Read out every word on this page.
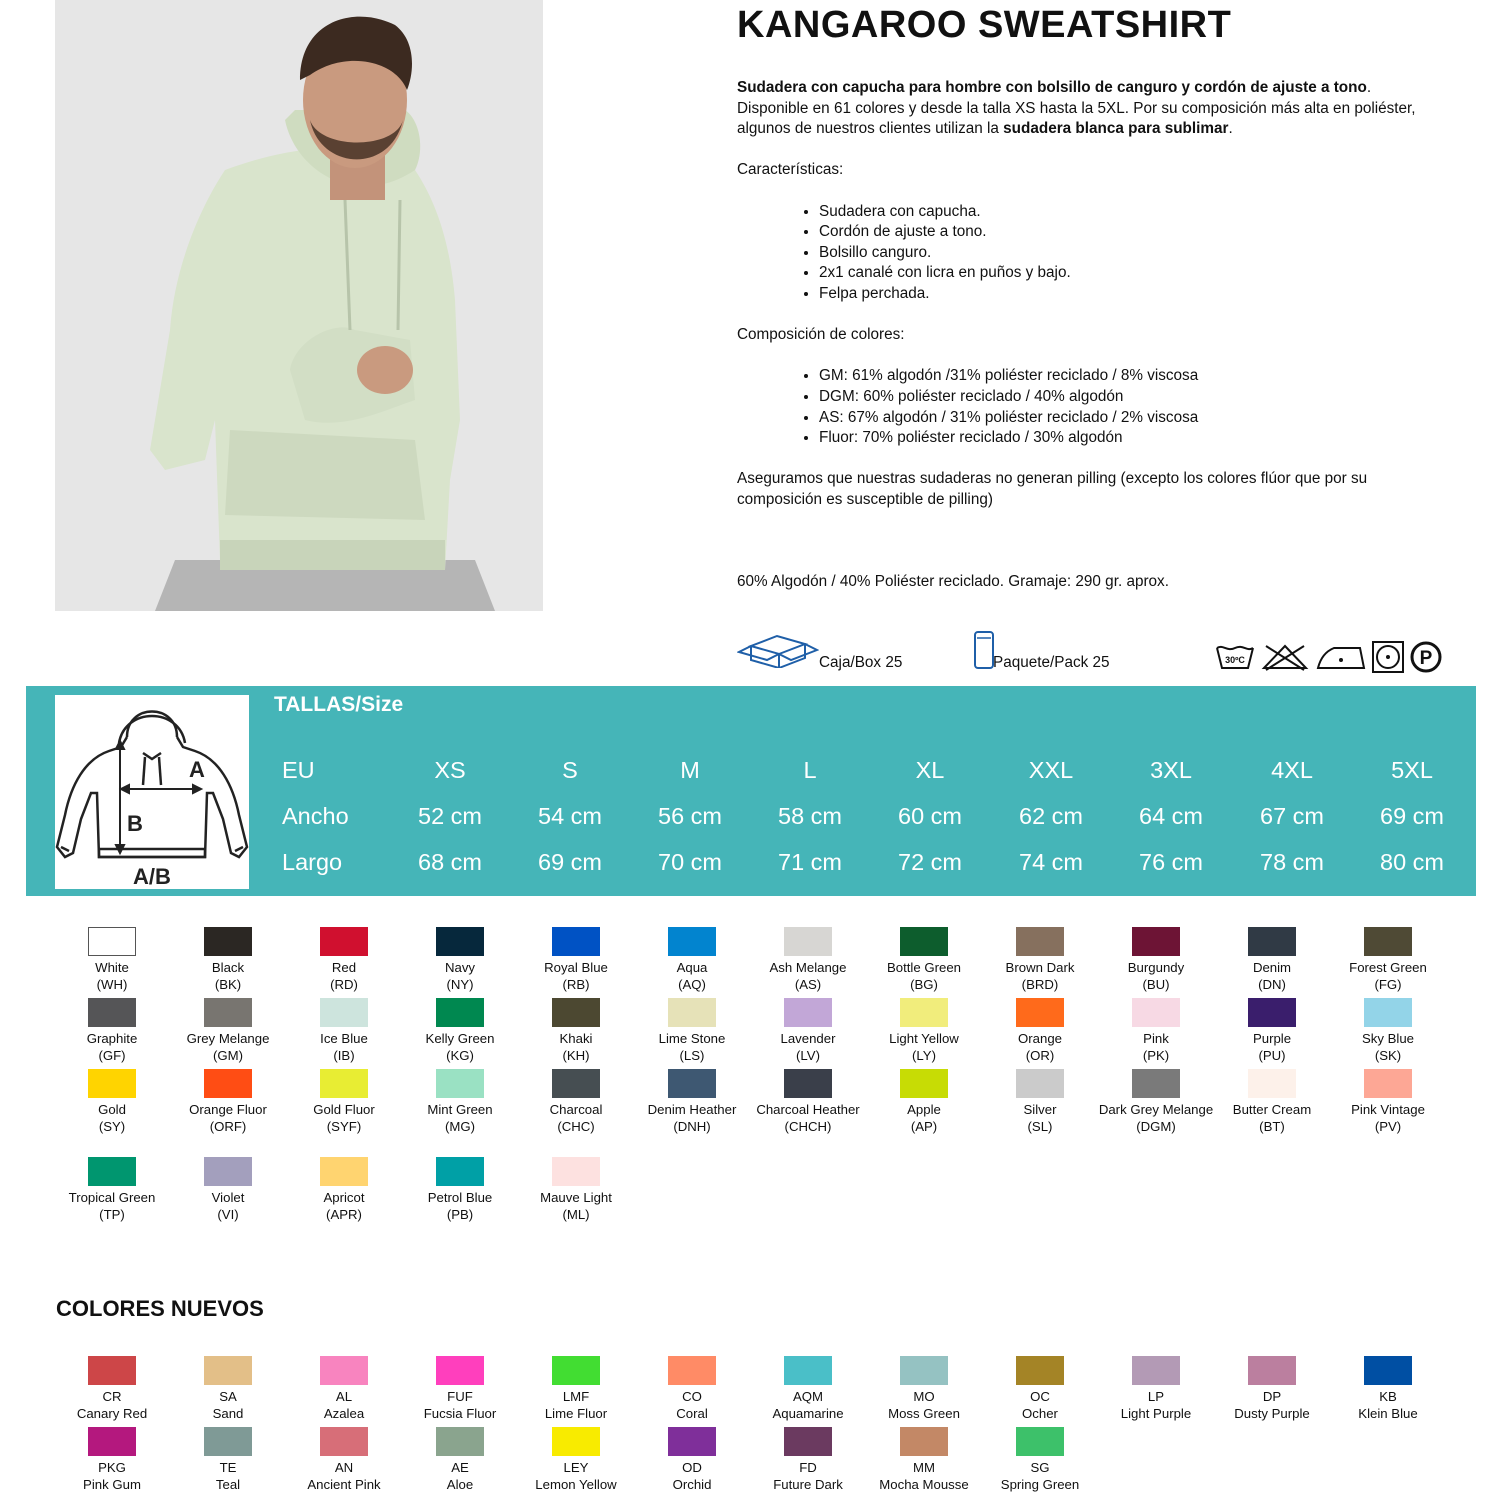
KANGAROO SWEATSHIRT

Sudadera con capucha para hombre con bolsillo de canguro y cordón de ajuste a tono. Disponible en 61 colores y desde la talla XS hasta la 5XL. Por su composición más alta en poliéster, algunos de nuestros clientes utilizan la sudadera blanca para sublimar.

Características:

• Sudadera con capucha.
• Cordón de ajuste a tono.
• Bolsillo canguro.
• 2x1 canalé con licra en puños y bajo.
• Felpa perchada.

Composición de colores:

• GM: 61% algodón /31% poliéster reciclado / 8% viscosa
• DGM: 60% poliéster reciclado / 40% algodón
• AS: 67% algodón / 31% poliéster reciclado / 2% viscosa
• Fluor: 70% poliéster reciclado / 30% algodón

Aseguramos que nuestras sudaderas no generan pilling (excepto los colores flúor que por su composición es susceptible de pilling)

60% Algodón / 40% Poliéster reciclado. Gramaje: 290 gr. aprox.

Caja/Box 25	Paquete/Pack 25	30ºC	P
A
B
A/B
TALLAS/Size
EU	XS	S	M	L	XL	XXL	3XL	4XL	5XL
Ancho	52 cm 54 cm 56 cm 58 cm 60 cm 62 cm 64 cm 67 cm 69 cm
Largo	68 cm 69 cm 70 cm 71 cm 72 cm 74 cm 76 cm 78 cm 80 cm
White
(WH)
Black
(BK)
Red
(RD)
Navy
(NY)
Royal Blue
(RB)
Aqua
(AQ)
Ash Melange
(AS)
Bottle Green
(BG)
Brown Dark
(BRD)
Burgundy
(BU)
Denim
(DN)
Forest Green
(FG)
Graphite
(GF)
Grey Melange
(GM)
Ice Blue
(IB)
Kelly Green
(KG)
Khaki
(KH)
Lime Stone
(LS)
Lavender
(LV)
Light Yellow
(LY)
Orange
(OR)
Pink
(PK)
Purple
(PU)
Sky Blue
(SK)
Gold
(SY)
Orange Fluor
(ORF)
Gold Fluor
(SYF)
Mint Green
(MG)
Charcoal
(CHC)
Denim Heather
(DNH)
Charcoal Heather
(CHCH)
Apple
(AP)
Silver
(SL)
Dark Grey Melange
(DGM)
Butter Cream
(BT)
Pink Vintage
(PV)
Tropical Green
(TP)
Violet
(VI)
Apricot
(APR)
Petrol Blue
(PB)
Mauve Light
(ML)
COLORES NUEVOS
CR
Canary Red
SA
Sand
AL
Azalea
FUF
Fucsia Fluor
LMF
Lime Fluor
CO
Coral
AQM
Aquamarine
MO
Moss Green
OC
Ocher
LP
Light Purple
DP
Dusty Purple
KB
Klein Blue
PKG
Pink Gum
TE
Teal
AN
Ancient Pink
AE
Aloe
LEY
Lemon Yellow
OD
Orchid
FD
Future Dark
MM
Mocha Mousse
SG
Spring Green
